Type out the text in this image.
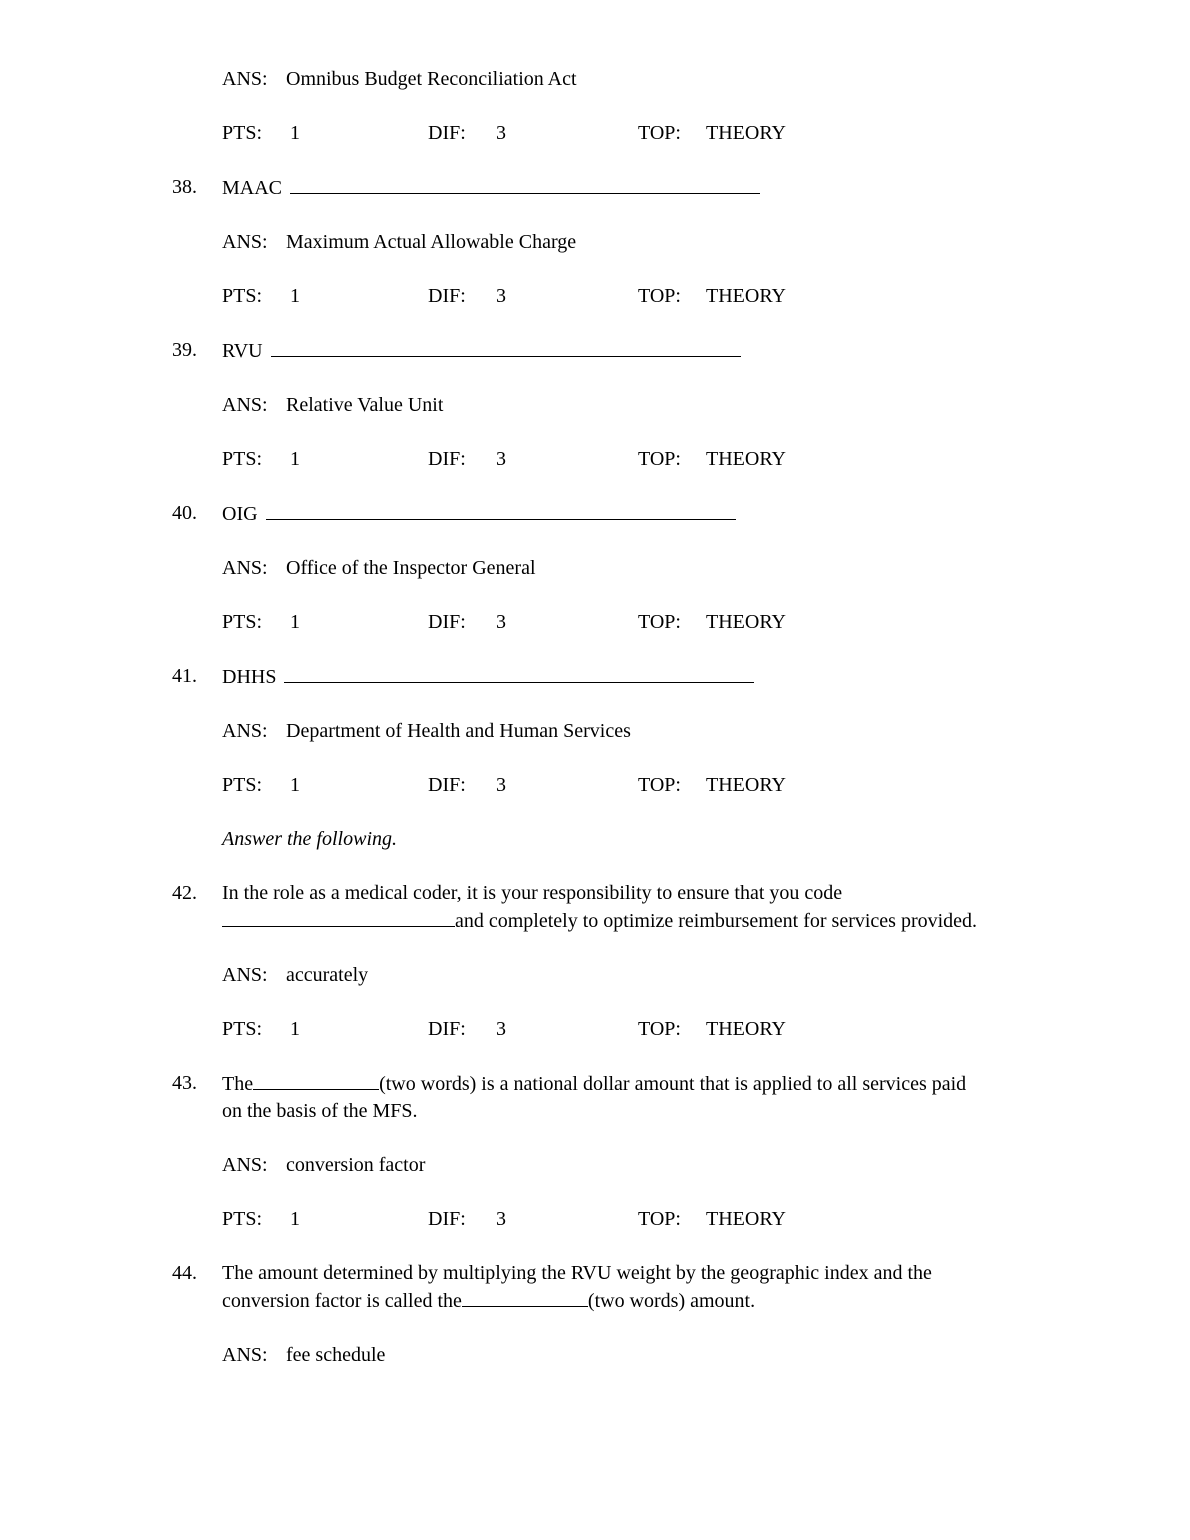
ANS: Omnibus Budget Reconciliation Act
PTS: 1	DIF: 3	TOP: THEORY
38.	MAAC
ANS: Maximum Actual Allowable Charge
PTS: 1	DIF: 3	TOP: THEORY
39.	RVU
ANS: Relative Value Unit
PTS: 1	DIF: 3	TOP: THEORY
40.	OIG
ANS: Office of the Inspector General
PTS: 1	DIF: 3	TOP: THEORY
41.	DHHS
ANS: Department of Health and Human Services
PTS: 1	DIF: 3	TOP: THEORY
Answer the following.
42.	In the role as a medical coder, it is your responsibility to ensure that you code
and completely to optimize reimbursement for services provided.
ANS: accurately
PTS: 1	DIF: 3	TOP: THEORY
43.	The	(two words) is a national dollar amount that is applied to all services paid
on the basis of the MFS.
ANS: conversion factor
PTS: 1	DIF: 3	TOP: THEORY
44.	The amount determined by multiplying the RVU weight by the geographic index and the
conversion factor is called the	(two words) amount.
ANS: fee schedule
